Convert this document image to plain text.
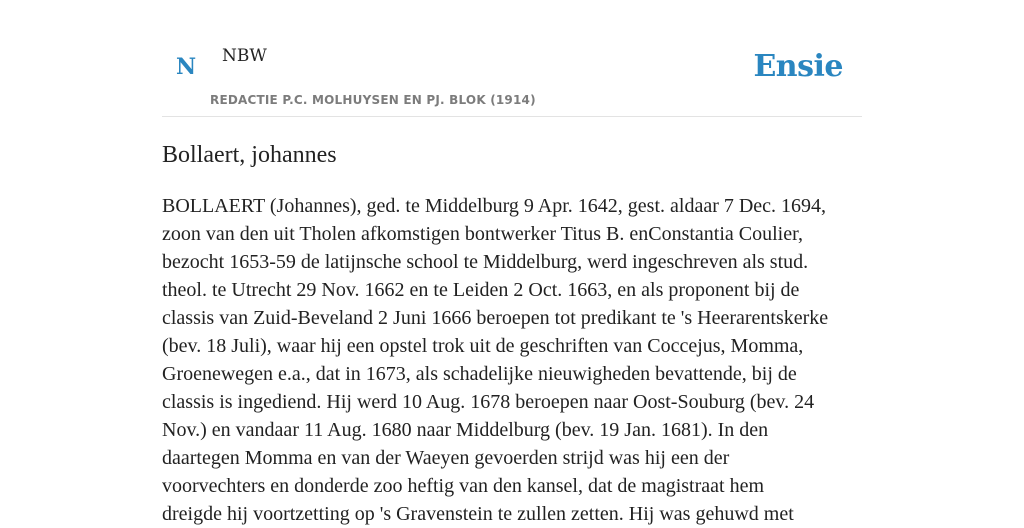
N NBW
REDACTIE P.C. MOLHUYSEN EN PJ. BLOK (1914)
Ensie
Bollaert, johannes
BOLLAERT (Johannes), ged. te Middelburg 9 Apr. 1642, gest. aldaar 7 Dec. 1694,
zoon van den uit Tholen afkomstigen bontwerker Titus B. enConstantia Coulier,
bezocht 1653-59 de latijnsche school te Middelburg, werd ingeschreven als stud.
theol. te Utrecht 29 Nov. 1662 en te Leiden 2 Oct. 1663, en als proponent bij de
classis van Zuid-Beveland 2 Juni 1666 beroepen tot predikant te 's Heerarentskerke
(bev. 18 Juli), waar hij een opstel trok uit de geschriften van Coccejus, Momma,
Groenewegen e.a., dat in 1673, als schadelijke nieuwigheden bevattende, bij de
classis is ingediend. Hij werd 10 Aug. 1678 beroepen naar Oost-Souburg (bev. 24
Nov.) en vandaar 11 Aug. 1680 naar Middelburg (bev. 19 Jan. 1681). In den
daartegen Momma en van der Waeyen gevoerden strijd was hij een der
voorvechters en donderde zoo heftig van den kansel, dat de magistraat hem
dreigde hij voortzetting op 's Gravenstein te zullen zetten. Hij was gehuwd met
